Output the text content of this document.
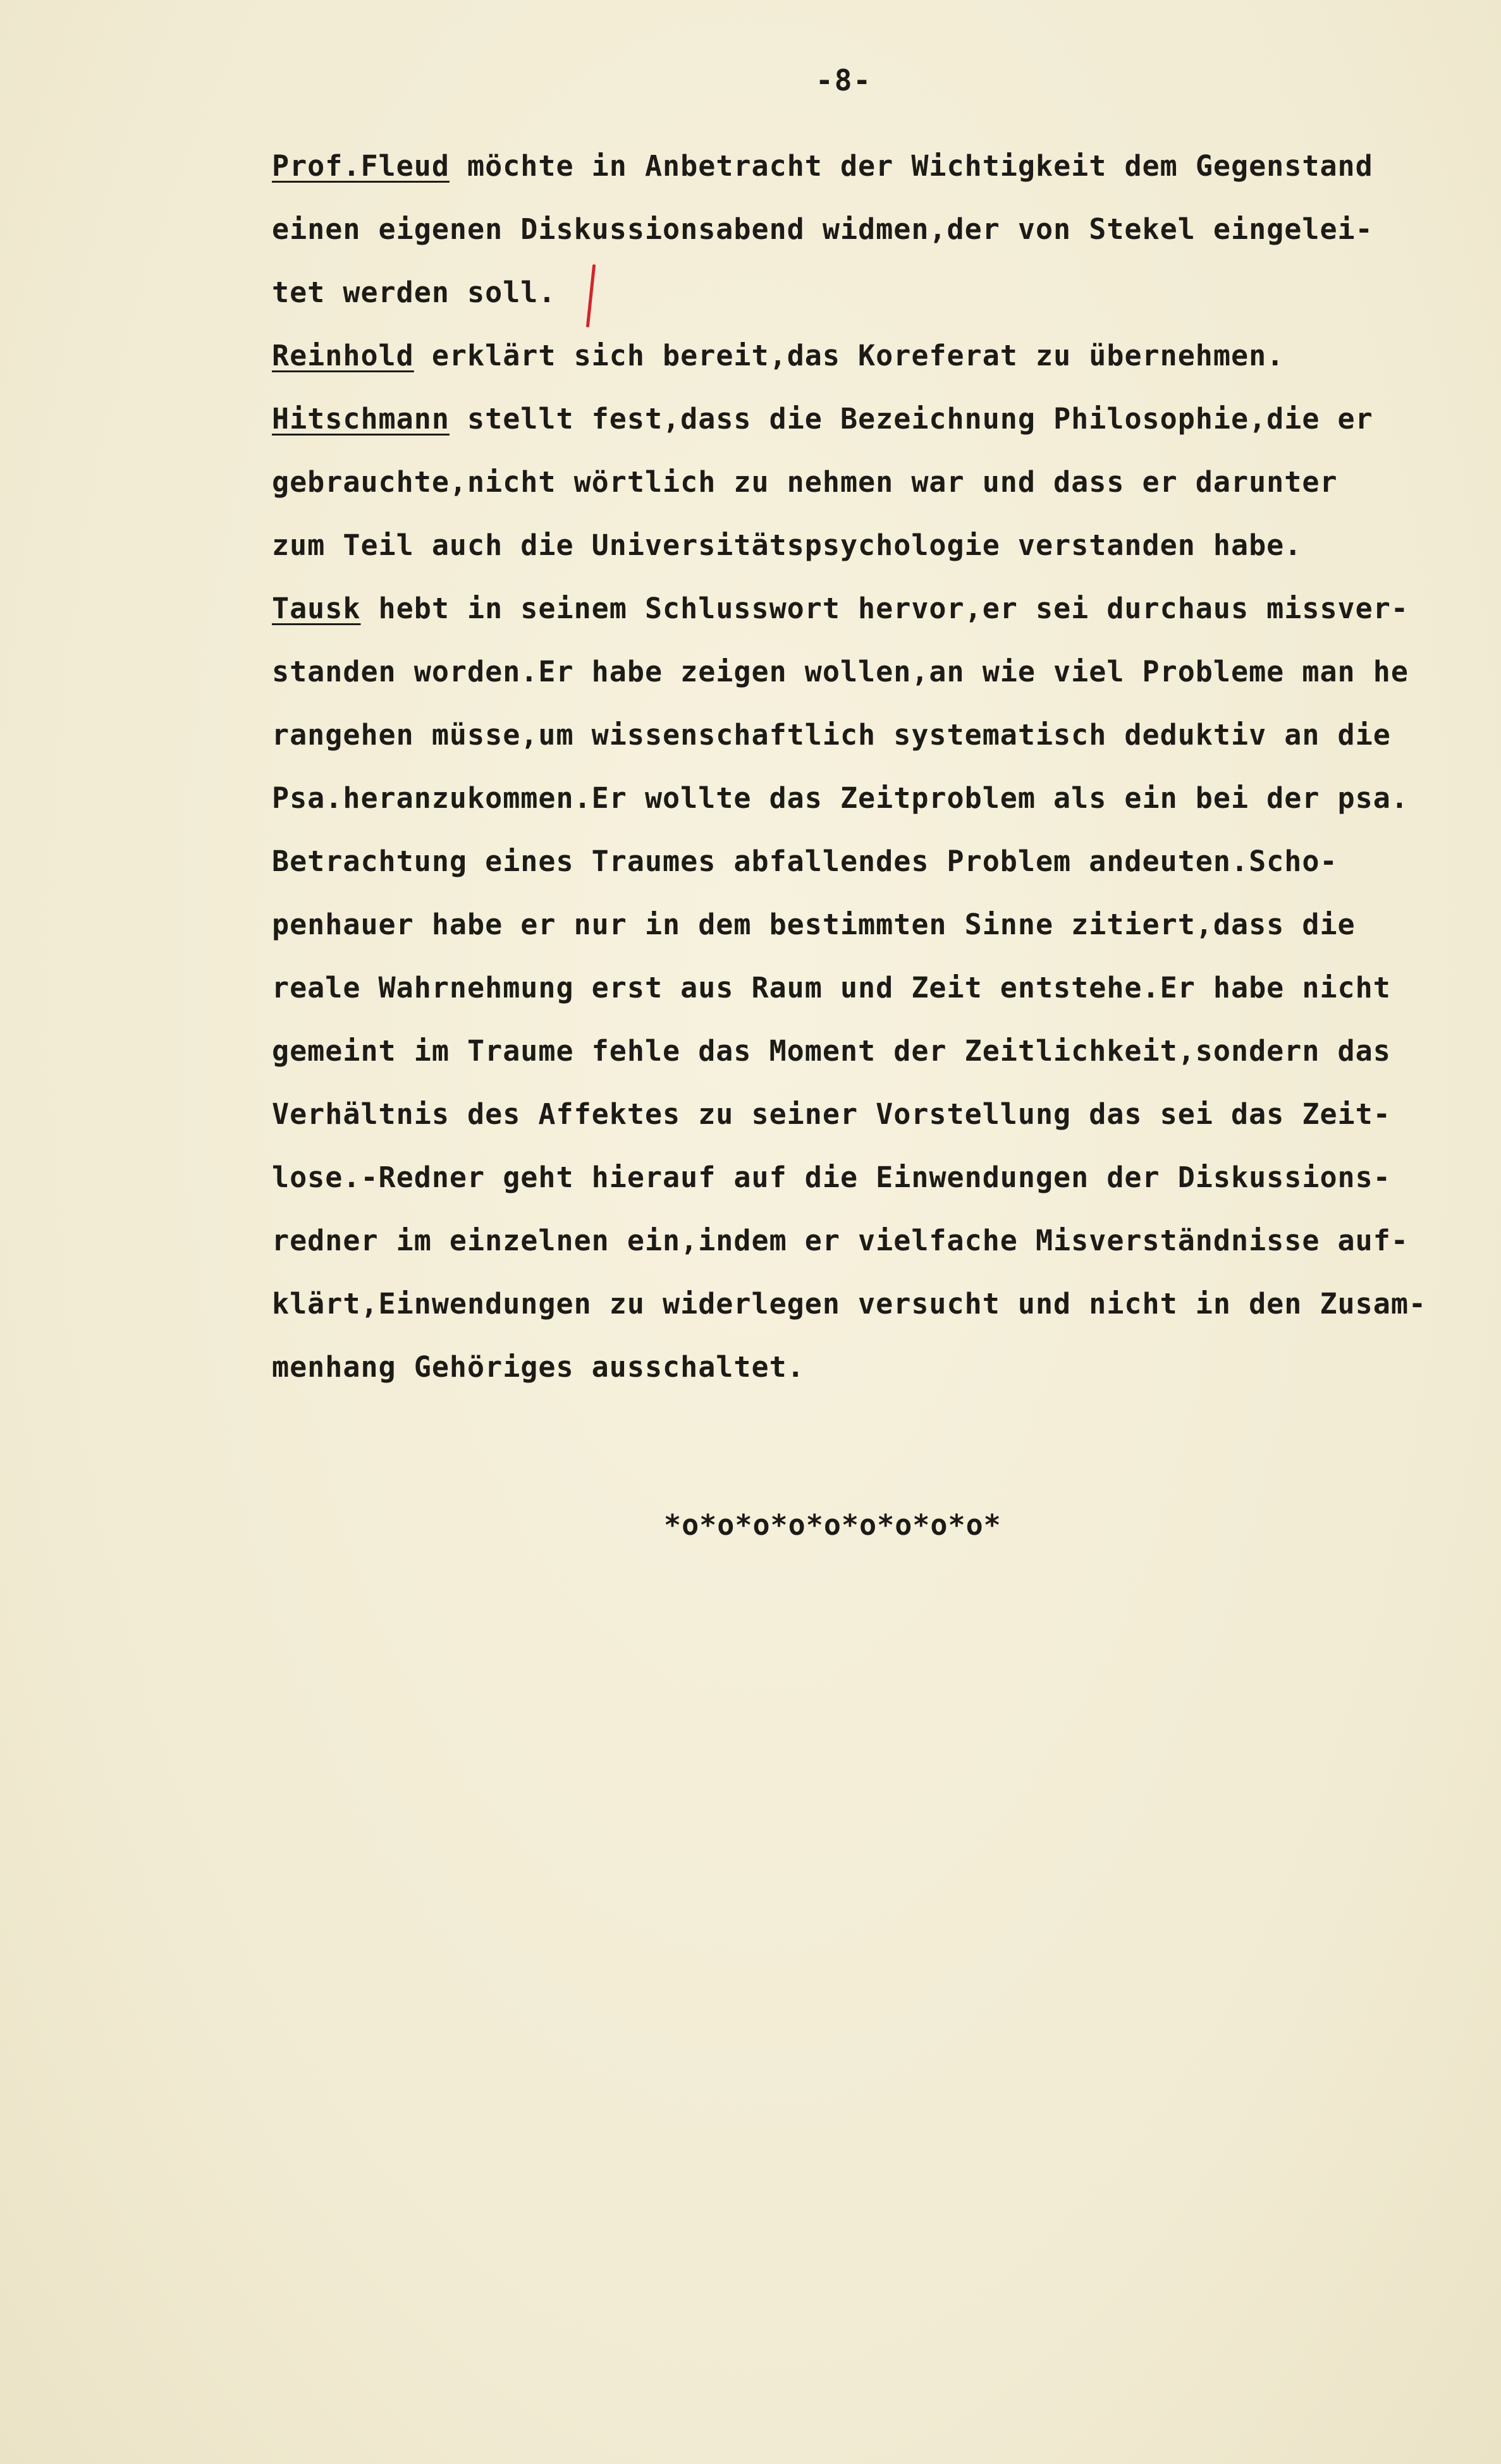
-8-
Prof.Fleud möchte in Anbetracht der Wichtigkeit dem Gegenstand
einen eigenen Diskussionsabend widmen,der von Stekel eingelei-
tet werden soll.
Reinhold erklärt sich bereit,das Koreferat zu übernehmen.
Hitschmann stellt fest,dass die Bezeichnung Philosophie,die er
gebrauchte,nicht wörtlich zu nehmen war und dass er darunter
zum Teil auch die Universitätspsychologie verstanden habe.
Tausk hebt in seinem Schlusswort hervor,er sei durchaus missver-
standen worden.Er habe zeigen wollen,an wie viel Probleme man he
rangehen müsse,um wissenschaftlich systematisch deduktiv an die
Psa.heranzukommen.Er wollte das Zeitproblem als ein bei der psa.
Betrachtung eines Traumes abfallendes Problem andeuten.Scho-
penhauer habe er nur in dem bestimmten Sinne zitiert,dass die
reale Wahrnehmung erst aus Raum und Zeit entstehe.Er habe nicht
gemeint im Traume fehle das Moment der Zeitlichkeit,sondern das
Verhältnis des Affektes zu seiner Vorstellung das sei das Zeit-
lose.-Redner geht hierauf auf die Einwendungen der Diskussions-
redner im einzelnen ein,indem er vielfache Misverständnisse auf-
klärt,Einwendungen zu widerlegen versucht und nicht in den Zusam-
menhang Gehöriges ausschaltet.
*o*o*o*o*o*o*o*o*o*
